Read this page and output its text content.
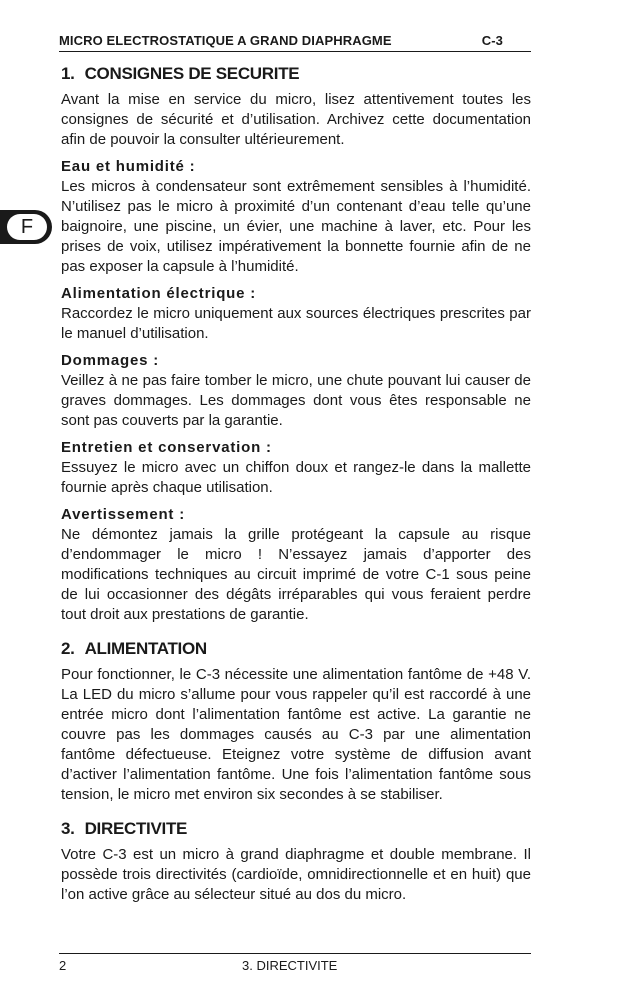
MICRO ELECTROSTATIQUE A GRAND DIAPHRAGME	C-3
F
1. CONSIGNES DE SECURITE

Avant la mise en service du micro, lisez attentivement toutes les consignes de sécurité et d’utilisation. Archivez cette documentation afin de pouvoir la consulter ultérieurement.

Eau et humidité :

Les micros à condensateur sont extrêmement sensibles à l’humidité. N’utilisez pas le micro à proximité d’un contenant d’eau telle qu’une baignoire, une piscine, un évier, une machine à laver, etc. Pour les prises de voix, utilisez impérativement la bonnette fournie afin de ne pas exposer la capsule à l’humidité.

Alimentation électrique :

Raccordez le micro uniquement aux sources électriques prescrites par le manuel d’utilisation.

Dommages :

Veillez à ne pas faire tomber le micro, une chute pouvant lui causer de graves dommages. Les dommages dont vous êtes responsable ne sont pas couverts par la garantie.

Entretien et conservation :

Essuyez le micro avec un chiffon doux et rangez-le dans la mallette fournie après chaque utilisation.

Avertissement :

Ne démontez jamais la grille protégeant la capsule au risque d’endommager le micro ! N’essayez jamais d’apporter des modifications techniques au circuit imprimé de votre C-1 sous peine de lui occasionner des dégâts irréparables qui vous feraient perdre tout droit aux prestations de garantie.

2. ALIMENTATION

Pour fonctionner, le C-3 nécessite une alimentation fantôme de +48 V. La LED du micro s’allume pour vous rappeler qu’il est raccordé à une entrée micro dont l’alimentation fantôme est active. La garantie ne couvre pas les dommages causés au C-3 par une alimentation fantôme défectueuse. Eteignez votre système de diffusion avant d’activer l’alimentation fantôme. Une fois l’alimentation fantôme sous tension, le micro met environ six secondes à se stabiliser.

3. DIRECTIVITE

Votre C-3 est un micro à grand diaphragme et double membrane. Il possède trois directivités (cardioïde, omnidirectionnelle et en huit) que l’on active grâce au sélecteur situé au dos du micro.

2	3. DIRECTIVITE
